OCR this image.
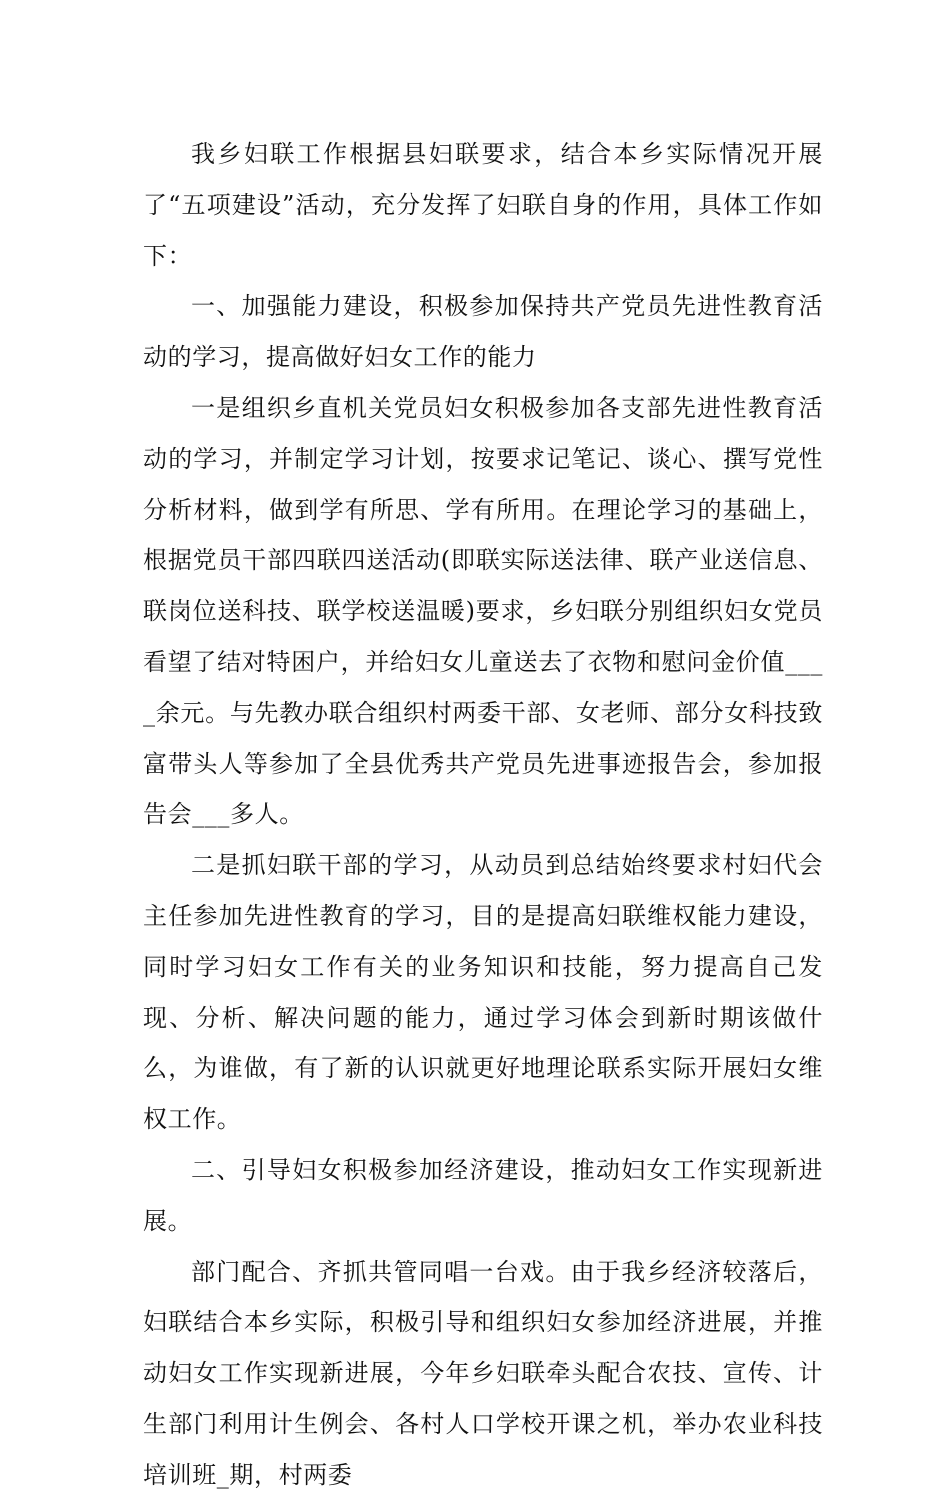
我乡妇联工作根据县妇联要求，结合本乡实际情况开展了“五项建设”活动，充分发挥了妇联自身的作用，具体工作如下：

一、加强能力建设，积极参加保持共产党员先进性教育活动的学习，提高做好妇女工作的能力

一是组织乡直机关党员妇女积极参加各支部先进性教育活动的学习，并制定学习计划，按要求记笔记、谈心、撰写党性分析材料，做到学有所思、学有所用。在理论学习的基础上，根据党员干部四联四送活动(即联实际送法律、联产业送信息、联岗位送科技、联学校送温暖)要求，乡妇联分别组织妇女党员看望了结对特困户，并给妇女儿童送去了衣物和慰问金价值____余元。与先教办联合组织村两委干部、女老师、部分女科技致富带头人等参加了全县优秀共产党员先进事迹报告会，参加报告会___多人。

二是抓妇联干部的学习，从动员到总结始终要求村妇代会主任参加先进性教育的学习，目的是提高妇联维权能力建设，同时学习妇女工作有关的业务知识和技能，努力提高自己发现、分析、解决问题的能力，通过学习体会到新时期该做什么，为谁做，有了新的认识就更好地理论联系实际开展妇女维权工作。

二、引导妇女积极参加经济建设，推动妇女工作实现新进展。

部门配合、齐抓共管同唱一台戏。由于我乡经济较落后，妇联结合本乡实际，积极引导和组织妇女参加经济进展，并推动妇女工作实现新进展，今年乡妇联牵头配合农技、宣传、计生部门利用计生例会、各村人口学校开课之机，举办农业科技培训班_期，村两委
